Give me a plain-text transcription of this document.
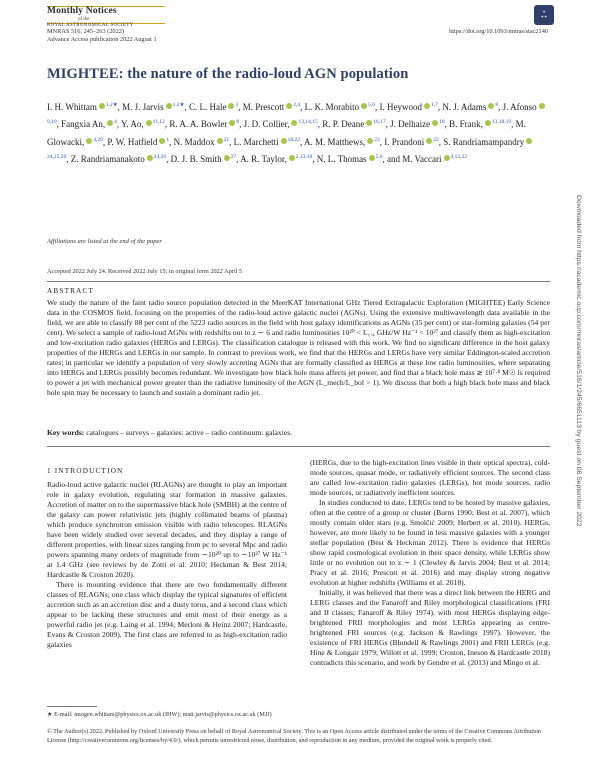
Monthly Notices
of the
ROYAL ASTRONOMICAL SOCIETY
✦
✦✦
MNRAS 516, 245–263 (2022)
Advance Access publication 2022 August 1
https://doi.org/10.1093/mnras/stac2140
MIGHTEE: the nature of the radio-loud AGN population
I. H. Whittam $^{1,2★}$, M. J. Jarvis $^{1,2★}$, C. L. Hale $^3$, M. Prescott $^{2,4}$, L. K. Morabito $^{5,6}$, I. Heywood $^{1,7}$, N. J. Adams $^8$, J. Afonso$^{9,10}$, Fangxia An, $^4$, Y. Ao, $^{11,12}$, R. A. A. Bowler $^8$, J. D. Collier, $^{13,14,15}$, R. P. Deane $^{16,17}$, J. Delhaize $^{18}$, B. Frank, $^{13,18,19}$, M. Glowacki, $^{4,20}$, P. W. Hatfield $^1$, N. Maddox $^{21}$, L. Marchetti $^{18,22}$, A. M. Matthews, $^{23}$, I. Prandoni $^{22}$, S. Randriamampandry$^{24,25,26}$, Z. Randriamanakoto $^{24,26}$, D. J. B. Smith $^{27}$, A. R. Taylor, $^{2,13,18}$, N. L. Thomas $^{5,6}$, and M. Vaccari $^{4,13,22}$
Affiliations are listed at the end of the paper
Accepted 2022 July 24. Received 2022 July 15; in original form 2022 April 5
ABSTRACT
We study the nature of the faint radio source population detected in the MeerKAT International GHz Tiered Extragalactic Exploration (MIGHTEE) Early Science data in the COSMOS field, focusing on the properties of the radio-loud active galactic nuclei (AGNs). Using the extensive multiwavelength data available in the field, we are able to classify 88 per cent of the 5223 radio sources in the field with host galaxy identifications as AGNs (35 per cent) or star-forming galaxies (54 per cent). We select a sample of radio-loud AGNs with redshifts out to z ∼ 6 and radio luminosities 10²⁰ < L₁.₄ GHz/W Hz⁻¹ < 10²⁷ and classify them as high-excitation and low-excitation radio galaxies (HERGs and LERGs). The classification catalogue is released with this work. We find no significant difference in the host galaxy properties of the HERGs and LERGs in our sample. In contrast to previous work, we find that the HERGs and LERGs have very similar Eddington-scaled accretion rates; in particular we identify a population of very slowly accreting AGNs that are formally classified as HERGs at these low radio luminosities, where separating into HERGs and LERGs possibly becomes redundant. We investigate how black hole mass affects jet power, and find that a black hole mass ≳ 10⁷·⁸ M☉ is required to power a jet with mechanical power greater than the radiative luminosity of the AGN (L_mech/L_bol > 1). We discuss that both a high black hole mass and black hole spin may be necessary to launch and sustain a dominant radio jet.
Key words: catalogues – surveys – galaxies: active – radio continuum: galaxies.
1 INTRODUCTION

Radio-loud active galactic nuclei (RLAGNs) are thought to play an important role in galaxy evolution, regulating star formation in massive galaxies. Accretion of matter on to the supermassive black hole (SMBH) at the centre of the galaxy can power relativistic jets (highly collimated beams of plasma) which produce synchrotron emission visible with radio telescopes. RLAGNs have been widely studied over several decades, and they display a range of different properties, with linear sizes ranging from pc to several Mpc and radio powers spanning many orders of magnitude from ∼10²⁰ up to ∼10²⁷ W Hz⁻¹ at 1.4 GHz (see reviews by de Zotti et al. 2010; Heckman & Best 2014; Hardcastle & Croston 2020).

There is mounting evidence that there are two fundamentally different classes of RLAGNs; one class which display the typical signatures of efficient accretion such as an accretion disc and a dusty torus, and a second class which appear to be lacking these structures and emit most of their energy as a powerful radio jet (e.g. Laing et al. 1994; Merloni & Heinz 2007; Hardcastle, Evans & Croston 2009). The first class are referred to as high-excitation radio galaxies

(HERGs, due to the high-excitation lines visible in their optical spectra), cold-mode sources, quasar mode, or radiatively efficient sources. The second class are called low-excitation radio galaxies (LERGs), hot mode sources, radio mode sources, or radiatively inefficient sources.

In studies conducted to date, LERGs tend to be hosted by massive galaxies, often at the centre of a group or cluster (Burns 1990; Best et al. 2007), which mostly contain older stars (e.g. Smolčić 2009; Herbert et al. 2010). HERGs, however, are more likely to be found in less massive galaxies with a younger stellar population (Best & Heckman 2012). There is evidence that HERGs show rapid cosmological evolution in their space density, while LERGs show little or no evolution out to z ∼ 1 (Clewley & Jarvis 2004; Best et al. 2014; Pracy et al. 2016; Prescott et al. 2016) and may display strong negative evolution at higher redshifts (Williams et al. 2018).

Initially, it was believed that there was a direct link between the HERG and LERG classes and the Fanaroff and Riley morphological classifications (FRI and II classes; Fanaroff & Riley 1974), with most HERGs displaying edge-brightened FRII morphologies and most LERGs appearing as centre-brightened FRI sources (e.g. Jackson & Rawlings 1997). However, the existence of FRI HERGs (Blundell & Rawlings 2001) and FRII LERGs (e.g. Hine & Longair 1979; Willott et al. 1999; Croston, Ineson & Hardcastle 2018) contradicts this scenario, and work by Gendre et al. (2013) and Mingo et al.

★ E-mail: imogen.whittam@physics.ox.ac.uk (IHW); matt.jarvis@physics.ox.ac.uk (MJJ)
© The Author(s) 2022. Published by Oxford University Press on behalf of Royal Astronomical Society. This is an Open Access article distributed under the terms of the Creative Commons Attribution License (http://creativecommons.org/licenses/by/4.0/), which permits unrestricted reuse, distribution, and reproduction in any medium, provided the original work is properly cited.
Downloaded from https://academic.oup.com/mnras/article/516/1/245/6651113 by guest on 06 September 2022
